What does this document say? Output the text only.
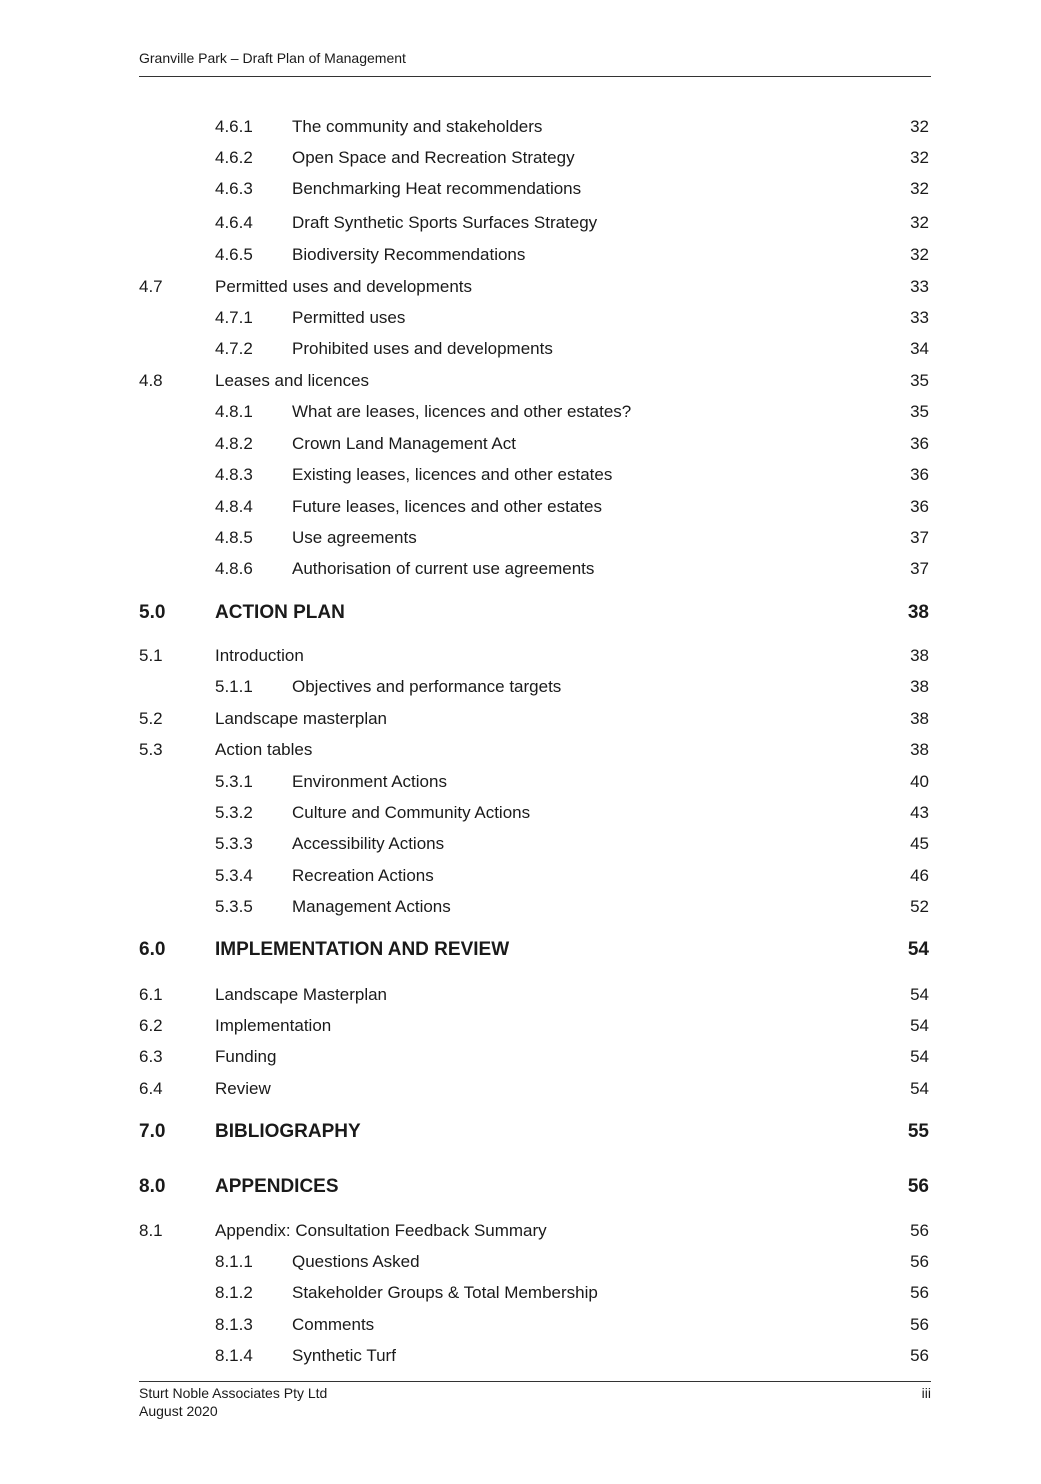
Granville Park – Draft Plan of Management
4.6.1 The community and stakeholders	32
4.6.2 Open Space and Recreation Strategy	32
4.6.3 Benchmarking Heat recommendations	32
4.6.4 Draft Synthetic Sports Surfaces Strategy	32
4.6.5 Biodiversity Recommendations	32
4.7	Permitted uses and developments	33
4.7.1 Permitted uses	33
4.7.2 Prohibited uses and developments	34
4.8	Leases and licences	35
4.8.1 What are leases, licences and other estates?	35
4.8.2 Crown Land Management Act	36
4.8.3 Existing leases, licences and other estates	36
4.8.4 Future leases, licences and other estates	36
4.8.5 Use agreements	37
4.8.6 Authorisation of current use agreements	37
5.0	ACTION PLAN	38
5.1	Introduction	38
5.1.1 Objectives and performance targets	38
5.2	Landscape masterplan	38
5.3	Action tables	38
5.3.1 Environment Actions	40
5.3.2 Culture and Community Actions	43
5.3.3 Accessibility Actions	45
5.3.4 Recreation Actions	46
5.3.5 Management Actions	52
6.0	IMPLEMENTATION AND REVIEW	54
6.1	Landscape Masterplan	54
6.2	Implementation	54
6.3	Funding	54
6.4	Review	54
7.0	BIBLIOGRAPHY	55
8.0	APPENDICES	56
8.1	Appendix: Consultation Feedback Summary	56
8.1.1 Questions Asked	56
8.1.2 Stakeholder Groups & Total Membership	56
8.1.3 Comments	56
8.1.4 Synthetic Turf	56
Sturt Noble Associates Pty Ltd
August 2020
iii
